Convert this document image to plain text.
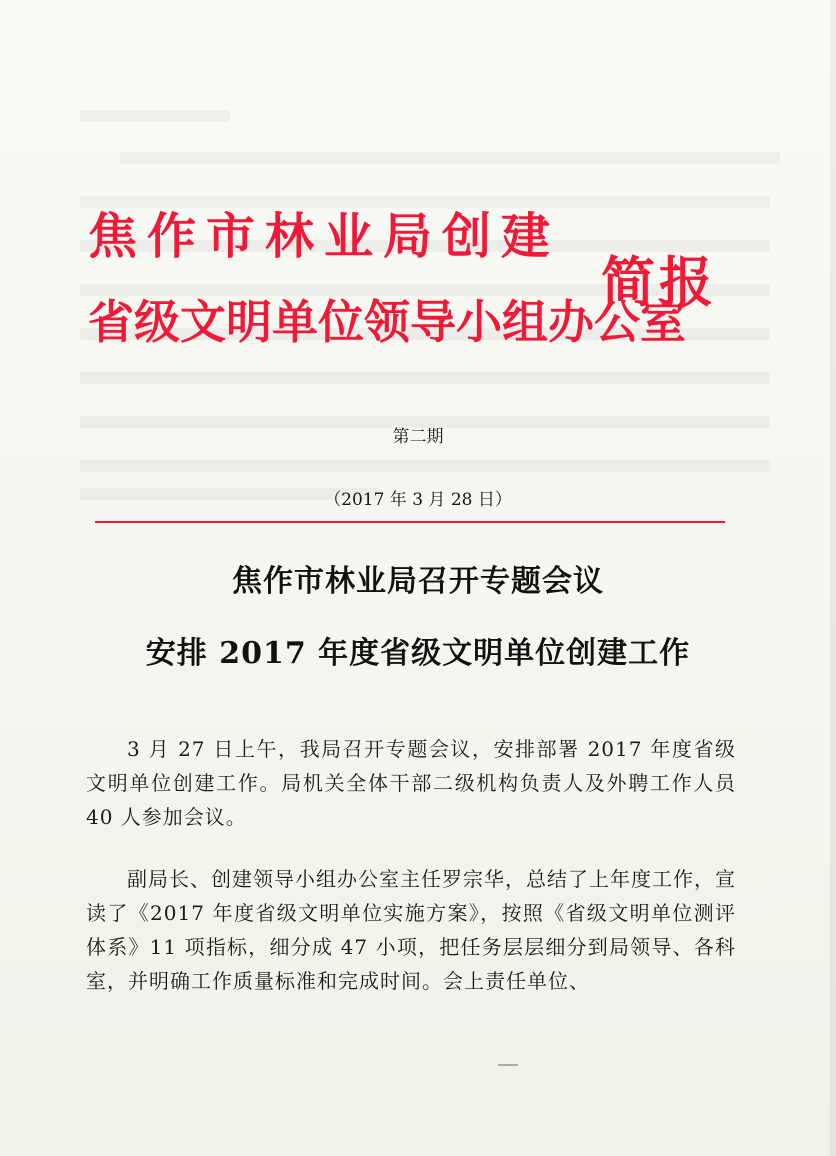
焦作市林业局创建
省级文明单位领导小组办公室
简报
第二期
（2017 年 3 月 28 日）
焦作市林业局召开专题会议
安排 2017 年度省级文明单位创建工作
3 月 27 日上午，我局召开专题会议，安排部署 2017 年度省级文明单位创建工作。局机关全体干部二级机构负责人及外聘工作人员 40 人参加会议。
副局长、创建领导小组办公室主任罗宗华，总结了上年度工作，宣读了《2017 年度省级文明单位实施方案》，按照《省级文明单位测评体系》11 项指标，细分成 47 小项，把任务层层细分到局领导、各科室，并明确工作质量标准和完成时间。会上责任单位、
